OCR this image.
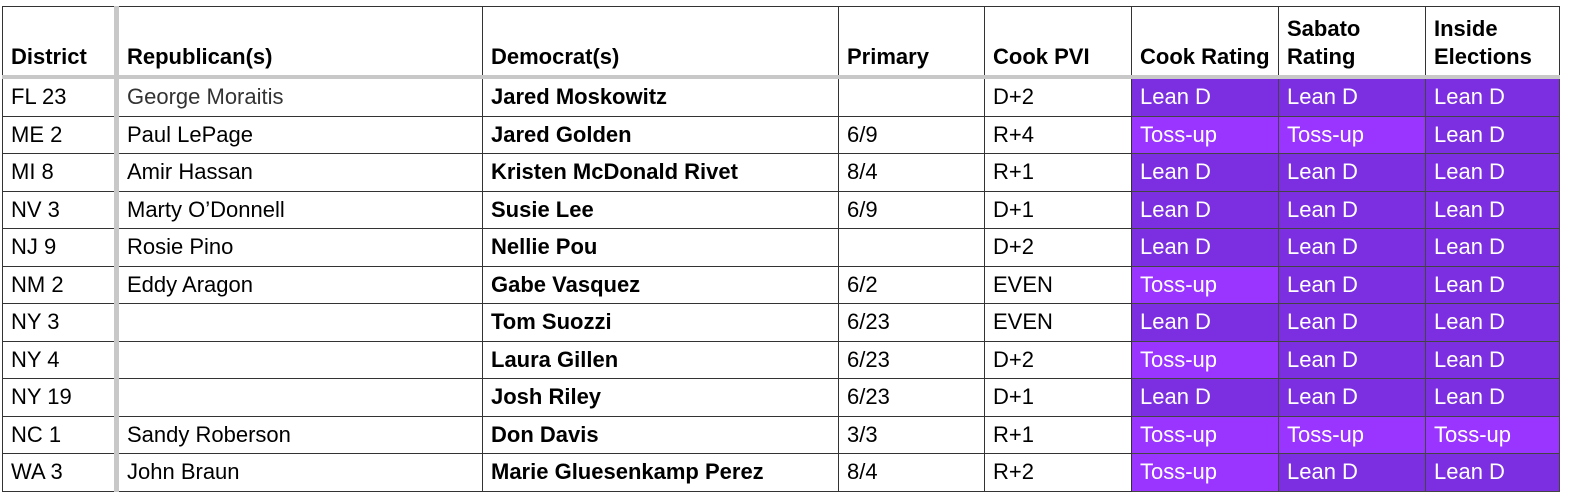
District	Republican(s)	Democrat(s)	Primary	Cook PVI	Cook Rating	Sabato Rating	Inside Elections
FL 23	George Moraitis	Jared Moskowitz		D+2	Lean D	Lean D	Lean D
ME 2	Paul LePage	Jared Golden	6/9	R+4	Toss-up	Toss-up	Lean D
MI 8	Amir Hassan	Kristen McDonald Rivet	8/4	R+1	Lean D	Lean D	Lean D
NV 3	Marty O’Donnell	Susie Lee	6/9	D+1	Lean D	Lean D	Lean D
NJ 9	Rosie Pino	Nellie Pou		D+2	Lean D	Lean D	Lean D
NM 2	Eddy Aragon	Gabe Vasquez	6/2	EVEN	Toss-up	Lean D	Lean D
NY 3		Tom Suozzi	6/23	EVEN	Lean D	Lean D	Lean D
NY 4		Laura Gillen	6/23	D+2	Toss-up	Lean D	Lean D
NY 19		Josh Riley	6/23	D+1	Lean D	Lean D	Lean D
NC 1	Sandy Roberson	Don Davis	3/3	R+1	Toss-up	Toss-up	Toss-up
WA 3	John Braun	Marie Gluesenkamp Perez	8/4	R+2	Toss-up	Lean D	Lean D
